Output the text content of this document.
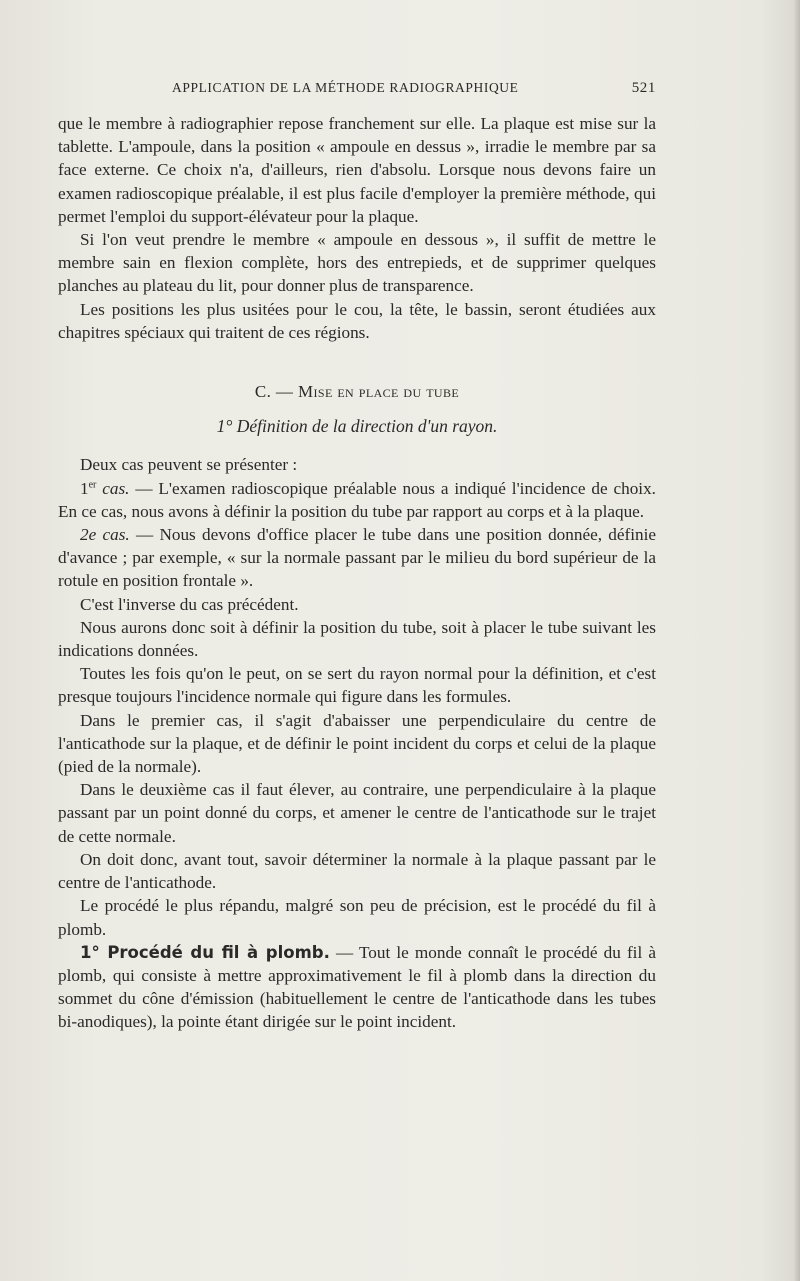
APPLICATION DE LA MÉTHODE RADIOGRAPHIQUE	521

que le membre à radiographier repose franchement sur elle. La plaque est mise sur la tablette. L'ampoule, dans la position « ampoule en dessus », irradie le membre par sa face externe. Ce choix n'a, d'ailleurs, rien d'absolu. Lorsque nous devons faire un examen radioscopique préalable, il est plus facile d'employer la première méthode, qui permet l'emploi du support-élévateur pour la plaque.

Si l'on veut prendre le membre « ampoule en dessous », il suffit de mettre le membre sain en flexion complète, hors des entrepieds, et de supprimer quelques planches au plateau du lit, pour donner plus de transparence.

Les positions les plus usitées pour le cou, la tête, le bassin, seront étudiées aux chapitres spéciaux qui traitent de ces régions.

C. — Mise en place du tube

1° Définition de la direction d'un rayon.

Deux cas peuvent se présenter :

1er cas. — L'examen radioscopique préalable nous a indiqué l'incidence de choix. En ce cas, nous avons à définir la position du tube par rapport au corps et à la plaque.

2e cas. — Nous devons d'office placer le tube dans une position donnée, définie d'avance ; par exemple, « sur la normale passant par le milieu du bord supérieur de la rotule en position frontale ».

C'est l'inverse du cas précédent.

Nous aurons donc soit à définir la position du tube, soit à placer le tube suivant les indications données.

Toutes les fois qu'on le peut, on se sert du rayon normal pour la définition, et c'est presque toujours l'incidence normale qui figure dans les formules.

Dans le premier cas, il s'agit d'abaisser une perpendiculaire du centre de l'anticathode sur la plaque, et de définir le point incident du corps et celui de la plaque (pied de la normale).

Dans le deuxième cas il faut élever, au contraire, une perpendiculaire à la plaque passant par un point donné du corps, et amener le centre de l'anticathode sur le trajet de cette normale.

On doit donc, avant tout, savoir déterminer la normale à la plaque passant par le centre de l'anticathode.

Le procédé le plus répandu, malgré son peu de précision, est le procédé du fil à plomb.

1° Procédé du fil à plomb. — Tout le monde connaît le procédé du fil à plomb, qui consiste à mettre approximativement le fil à plomb dans la direction du sommet du cône d'émission (habituellement le centre de l'anticathode dans les tubes bi-anodiques), la pointe étant dirigée sur le point incident.
